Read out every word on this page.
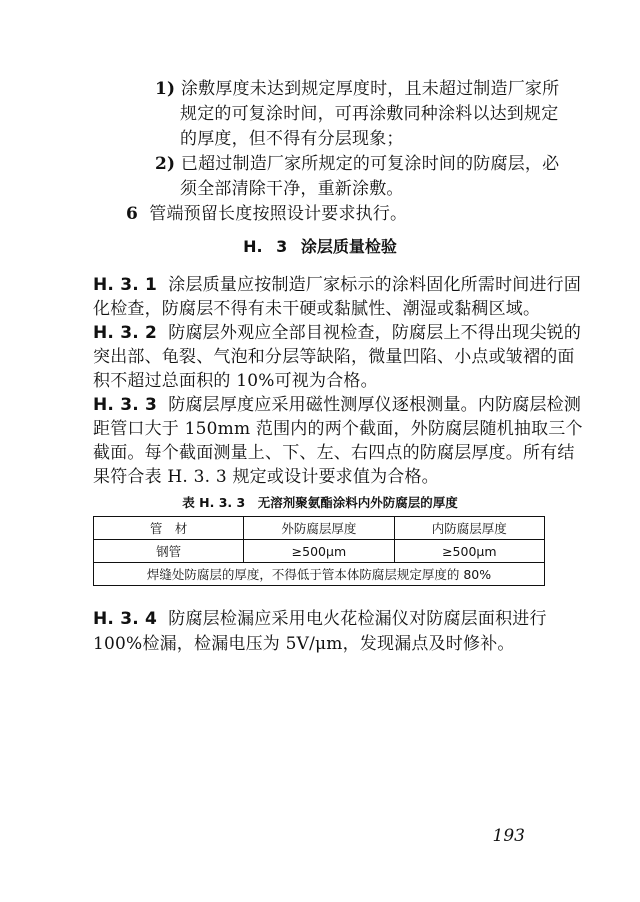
1) 涂敷厚度未达到规定厚度时，且未超过制造厂家所
规定的可复涂时间，可再涂敷同种涂料以达到规定
的厚度，但不得有分层现象；
2) 已超过制造厂家所规定的可复涂时间的防腐层，必
须全部清除干净，重新涂敷。
6 管端预留长度按照设计要求执行。
H. 3 涂层质量检验
H. 3. 1 涂层质量应按制造厂家标示的涂料固化所需时间进行固
化检查，防腐层不得有未干硬或黏腻性、潮湿或黏稠区域。
H. 3. 2 防腐层外观应全部目视检查，防腐层上不得出现尖锐的
突出部、龟裂、气泡和分层等缺陷，微量凹陷、小点或皱褶的面
积不超过总面积的 10%可视为合格。
H. 3. 3 防腐层厚度应采用磁性测厚仪逐根测量。内防腐层检测
距管口大于 150mm 范围内的两个截面，外防腐层随机抽取三个
截面。每个截面测量上、下、左、右四点的防腐层厚度。所有结
果符合表 H. 3. 3 规定或设计要求值为合格。
表 H. 3. 3　无溶剂聚氨酯涂料内外防腐层的厚度
管　材	外防腐层厚度	内防腐层厚度
钢管	≥500μm	≥500μm
焊缝处防腐层的厚度，不得低于管本体防腐层规定厚度的 80%		
H. 3. 4 防腐层检漏应采用电火花检漏仪对防腐层面积进行
100%检漏，检漏电压为 5V/μm，发现漏点及时修补。
193
